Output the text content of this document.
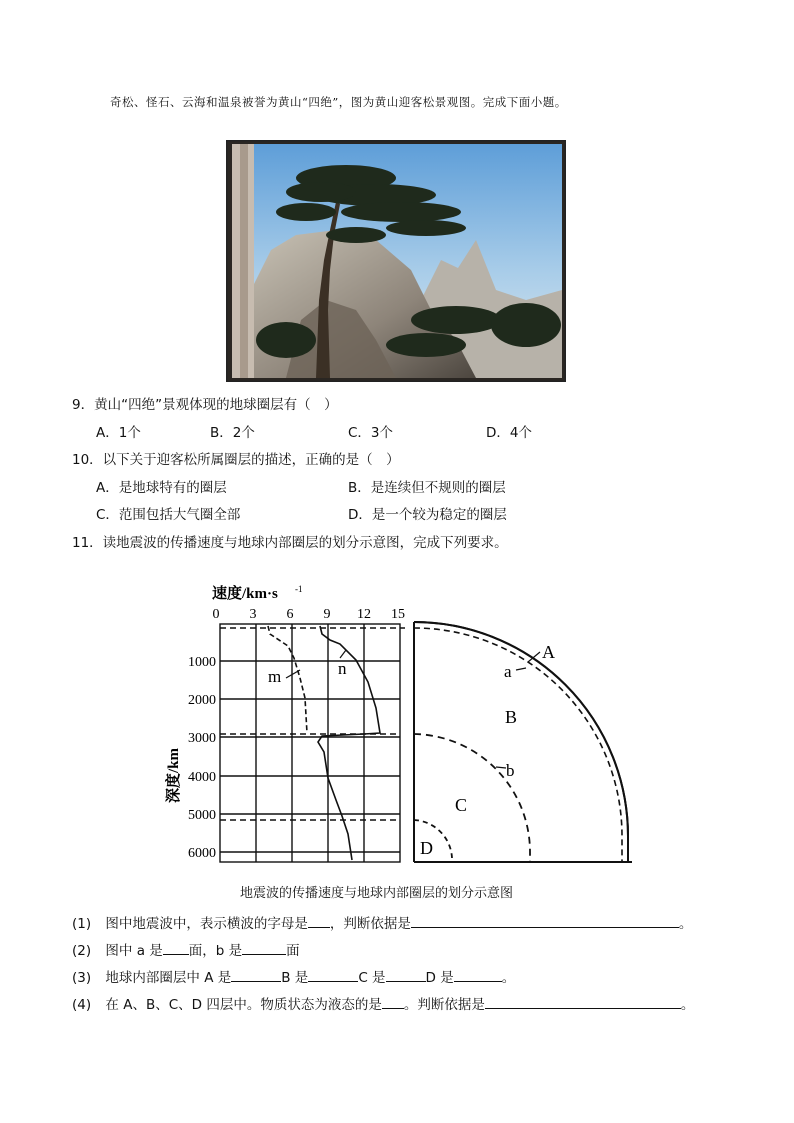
奇松、怪石、云海和温泉被誉为黄山“四绝”，图为黄山迎客松景观图。完成下面小题。
9．黄山“四绝”景观体现的地球圈层有（　）
A．1个	B．2个	C．3个	D．4个
10．以下关于迎客松所属圈层的描述，正确的是（　）
A．是地球特有的圈层	B．是连续但不规则的圈层
C．范围包括大气圈全部	D．是一个较为稳定的圈层
11．读地震波的传播速度与地球内部圈层的划分示意图，完成下列要求。
速度/km·s -1
0 3 6 9 12 15
1000
2000
3000
4000
5000
6000
深度/km
m	n
A
a
B
b
C
D
地震波的传播速度与地球内部圈层的划分示意图
(1) 图中地震波中，表示横波的字母是 ，判断依据是	。
(2) 图中 a 是 面，b 是	面
(3) 地球内部圈层中 A 是	B 是	C 是	D 是	。
(4) 在 A、B、C、D 四层中。物质状态为液态的是 。判断依据是	。
